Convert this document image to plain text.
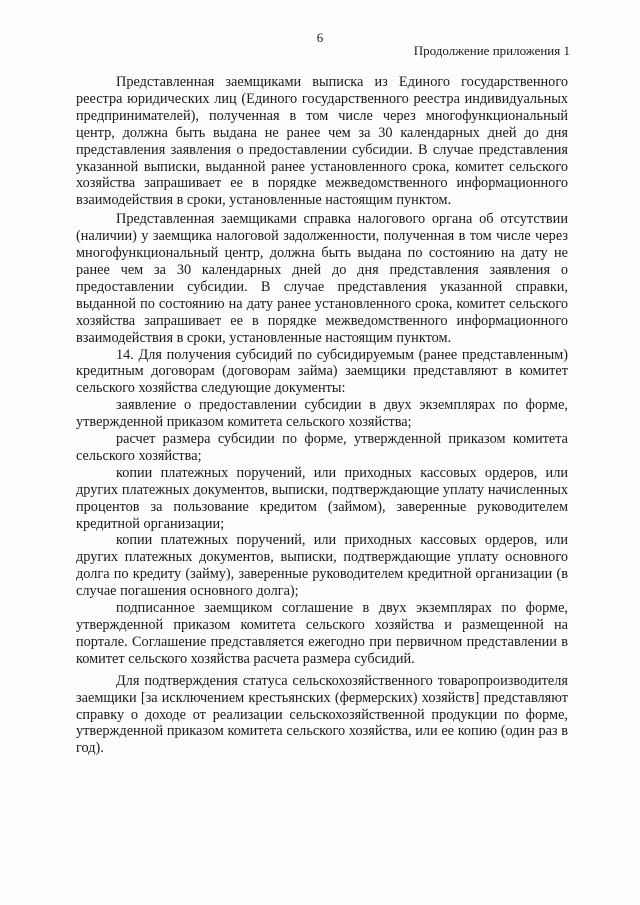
6
Продолжение приложения 1

Представленная заемщиками выписка из Единого государственного реестра юридических лиц (Единого государственного реестра индивидуальных предпринимателей), полученная в том числе через многофункциональный центр, должна быть выдана не ранее чем за 30 календарных дней до дня представления заявления о предоставлении субсидии. В случае представления указанной выписки, выданной ранее установленного срока, комитет сельского хозяйства запрашивает ее в порядке межведомственного информационного взаимодействия в сроки, установленные настоящим пунктом.

Представленная заемщиками справка налогового органа об отсутствии (наличии) у заемщика налоговой задолженности, полученная в том числе через многофункциональный центр, должна быть выдана по состоянию на дату не ранее чем за 30 календарных дней до дня представления заявления о предоставлении субсидии. В случае представления указанной справки, выданной по состоянию на дату ранее установленного срока, комитет сельского хозяйства запрашивает ее в порядке межведомственного информационного взаимодействия в сроки, установленные настоящим пунктом.

14. Для получения субсидий по субсидируемым (ранее представленным) кредитным договорам (договорам займа) заемщики представляют в комитет сельского хозяйства следующие документы:

заявление о предоставлении субсидии в двух экземплярах по форме, утвержденной приказом комитета сельского хозяйства;

расчет размера субсидии по форме, утвержденной приказом комитета сельского хозяйства;

копии платежных поручений, или приходных кассовых ордеров, или других платежных документов, выписки, подтверждающие уплату начисленных процентов за пользование кредитом (займом), заверенные руководителем кредитной организации;

копии платежных поручений, или приходных кассовых ордеров, или других платежных документов, выписки, подтверждающие уплату основного долга по кредиту (займу), заверенные руководителем кредитной организации (в случае погашения основного долга);

подписанное заемщиком соглашение в двух экземплярах по форме, утвержденной приказом комитета сельского хозяйства и размещенной на портале. Соглашение представляется ежегодно при первичном представлении в комитет сельского хозяйства расчета размера субсидий.

Для подтверждения статуса сельскохозяйственного товаропроизводителя заемщики [за исключением крестьянских (фермерских) хозяйств] представляют справку о доходе от реализации сельскохозяйственной продукции по форме, утвержденной приказом комитета сельского хозяйства, или ее копию (один раз в год).
